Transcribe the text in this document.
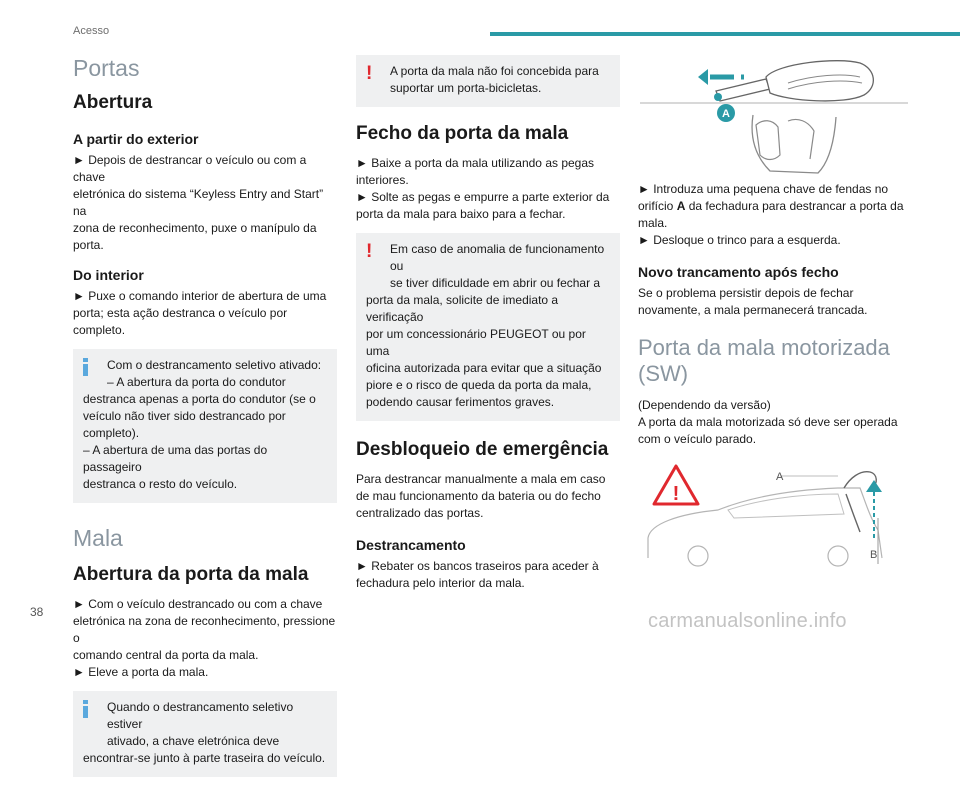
Acesso
Portas
Abertura
A partir do exterior
► Depois de destrancar o veículo ou com a chave
eletrónica do sistema “Keyless Entry and Start” na
zona de reconhecimento, puxe o manípulo da porta.
Do interior
► Puxe o comando interior de abertura de uma
porta; esta ação destranca o veículo por completo.
Com o destrancamento seletivo ativado:
– A abertura da porta do condutor
destranca apenas a porta do condutor (se o
veículo não tiver sido destrancado por completo).
– A abertura de uma das portas do passageiro
destranca o resto do veículo.
Mala
Abertura da porta da mala
► Com o veículo destrancado ou com a chave
eletrónica na zona de reconhecimento, pressione o
comando central da porta da mala.
► Eleve a porta da mala.
Quando o destrancamento seletivo estiver
ativado, a chave eletrónica deve
encontrar-se junto à parte traseira do veículo.
!	A porta da mala não foi concebida para
suportar um porta-bicicletas.
Fecho da porta da mala
► Baixe a porta da mala utilizando as pegas
interiores.
► Solte as pegas e empurre a parte exterior da
porta da mala para baixo para a fechar.
!	Em caso de anomalia de funcionamento ou
se tiver dificuldade em abrir ou fechar a
porta da mala, solicite de imediato a verificação
por um concessionário PEUGEOT ou por uma
oficina autorizada para evitar que a situação
piore e o risco de queda da porta da mala,
podendo causar ferimentos graves.
Desbloqueio de emergência
Para destrancar manualmente a mala em caso
de mau funcionamento da bateria ou do fecho
centralizado das portas.
Destrancamento
► Rebater os bancos traseiros para aceder à
fechadura pelo interior da mala.
A
► Introduza uma pequena chave de fendas no
orifício A da fechadura para destrancar a porta da
mala.
► Desloque o trinco para a esquerda.
Novo trancamento após fecho
Se o problema persistir depois de fechar
novamente, a mala permanecerá trancada.
Porta da mala motorizada
(SW)
(Dependendo da versão)
A porta da mala motorizada só deve ser operada
com o veículo parado.
!
A
B
38	carmanualsonline.info
